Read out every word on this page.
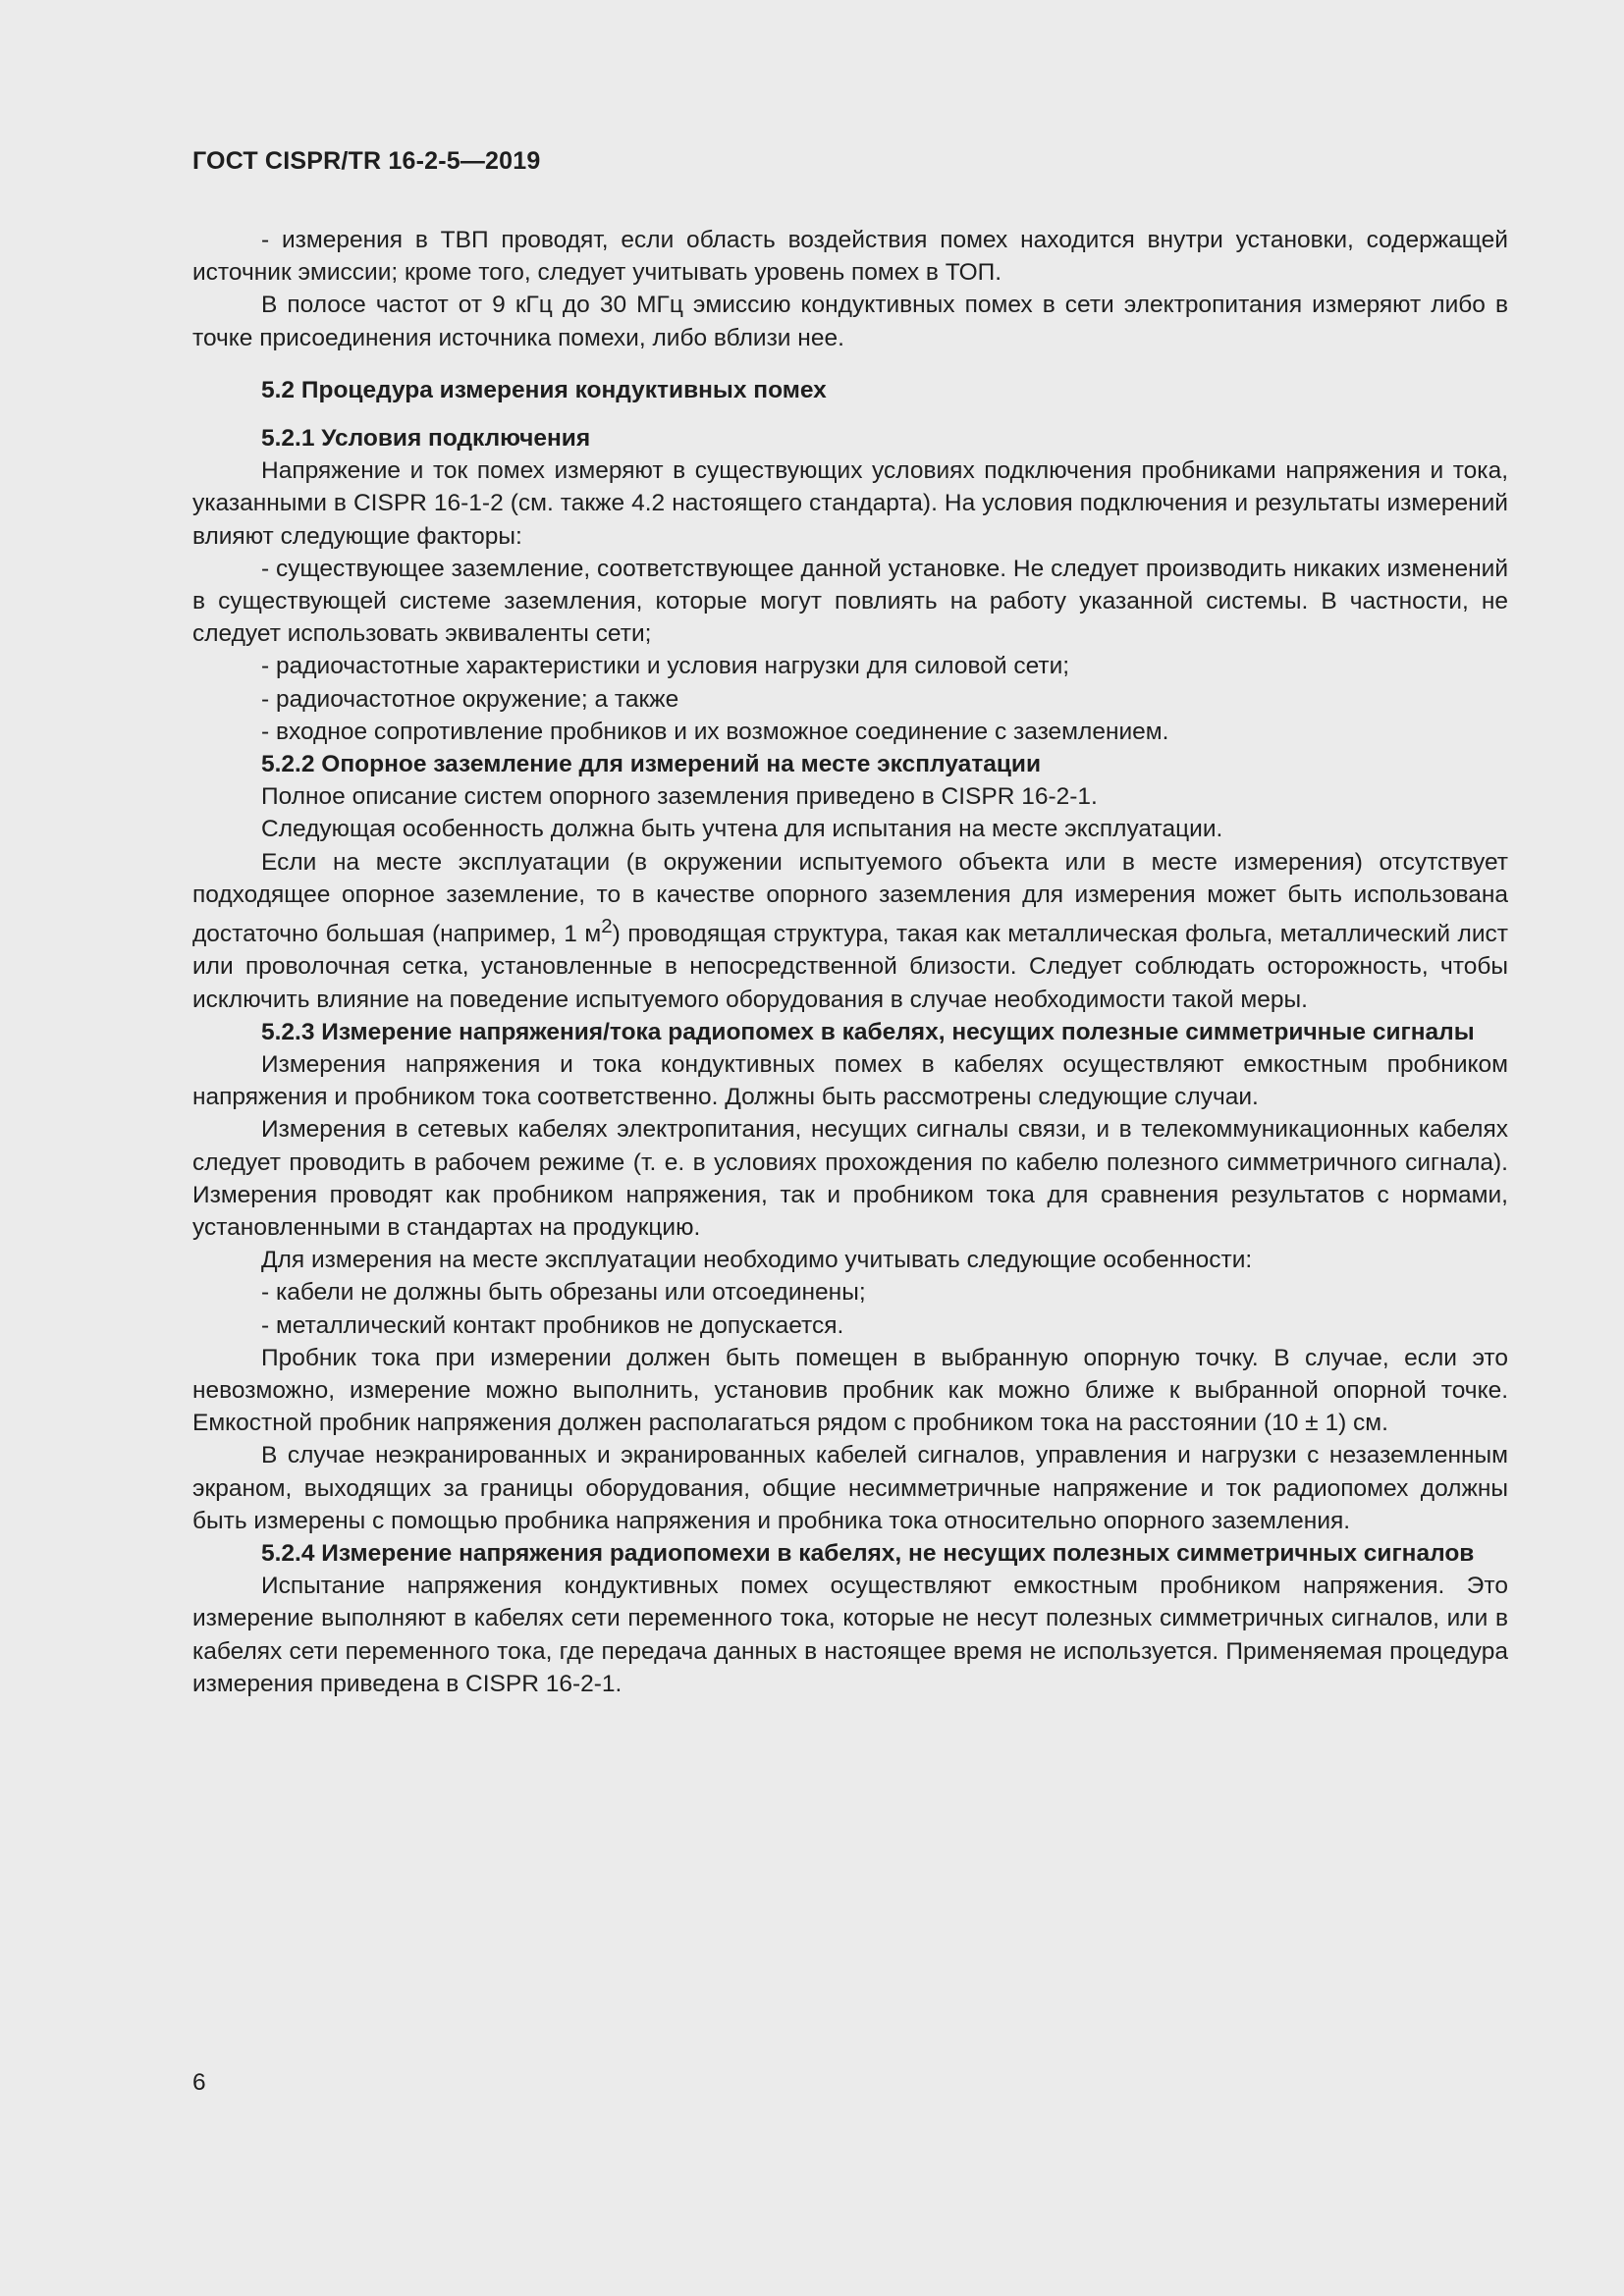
ГОСТ CISPR/TR 16-2-5—2019

- измерения в ТВП проводят, если область воздействия помех находится внутри установки, содержащей источник эмиссии; кроме того, следует учитывать уровень помех в ТОП.

В полосе частот от 9 кГц до 30 МГц эмиссию кондуктивных помех в сети электропитания измеряют либо в точке присоединения источника помехи, либо вблизи нее.

5.2 Процедура измерения кондуктивных помех

5.2.1 Условия подключения

Напряжение и ток помех измеряют в существующих условиях подключения пробниками напряжения и тока, указанными в CISPR 16-1-2 (см. также 4.2 настоящего стандарта). На условия подключения и результаты измерений влияют следующие факторы:

- существующее заземление, соответствующее данной установке. Не следует производить никаких изменений в существующей системе заземления, которые могут повлиять на работу указанной системы. В частности, не следует использовать эквиваленты сети;

- радиочастотные характеристики и условия нагрузки для силовой сети;

- радиочастотное окружение; а также

- входное сопротивление пробников и их возможное соединение с заземлением.

5.2.2 Опорное заземление для измерений на месте эксплуатации

Полное описание систем опорного заземления приведено в CISPR 16-2-1.

Следующая особенность должна быть учтена для испытания на месте эксплуатации.

Если на месте эксплуатации (в окружении испытуемого объекта или в месте измерения) отсутствует подходящее опорное заземление, то в качестве опорного заземления для измерения может быть использована достаточно большая (например, 1 $м^2$) проводящая структура, такая как металлическая фольга, металлический лист или проволочная сетка, установленные в непосредственной близости. Следует соблюдать осторожность, чтобы исключить влияние на поведение испытуемого оборудования в случае необходимости такой меры.

5.2.3 Измерение напряжения/тока радиопомех в кабелях, несущих полезные симметричные сигналы

Измерения напряжения и тока кондуктивных помех в кабелях осуществляют емкостным пробником напряжения и пробником тока соответственно. Должны быть рассмотрены следующие случаи.

Измерения в сетевых кабелях электропитания, несущих сигналы связи, и в телекоммуникационных кабелях следует проводить в рабочем режиме (т. е. в условиях прохождения по кабелю полезного симметричного сигнала). Измерения проводят как пробником напряжения, так и пробником тока для сравнения результатов с нормами, установленными в стандартах на продукцию.

Для измерения на месте эксплуатации необходимо учитывать следующие особенности:

- кабели не должны быть обрезаны или отсоединены;

- металлический контакт пробников не допускается.

Пробник тока при измерении должен быть помещен в выбранную опорную точку. В случае, если это невозможно, измерение можно выполнить, установив пробник как можно ближе к выбранной опорной точке. Емкостной пробник напряжения должен располагаться рядом с пробником тока на расстоянии (10 ± 1) см.

В случае неэкранированных и экранированных кабелей сигналов, управления и нагрузки с незаземленным экраном, выходящих за границы оборудования, общие несимметричные напряжение и ток радиопомех должны быть измерены с помощью пробника напряжения и пробника тока относительно опорного заземления.

5.2.4 Измерение напряжения радиопомехи в кабелях, не несущих полезных симметричных сигналов

Испытание напряжения кондуктивных помех осуществляют емкостным пробником напряжения. Это измерение выполняют в кабелях сети переменного тока, которые не несут полезных симметричных сигналов, или в кабелях сети переменного тока, где передача данных в настоящее время не используется. Применяемая процедура измерения приведена в CISPR 16-2-1.

6
